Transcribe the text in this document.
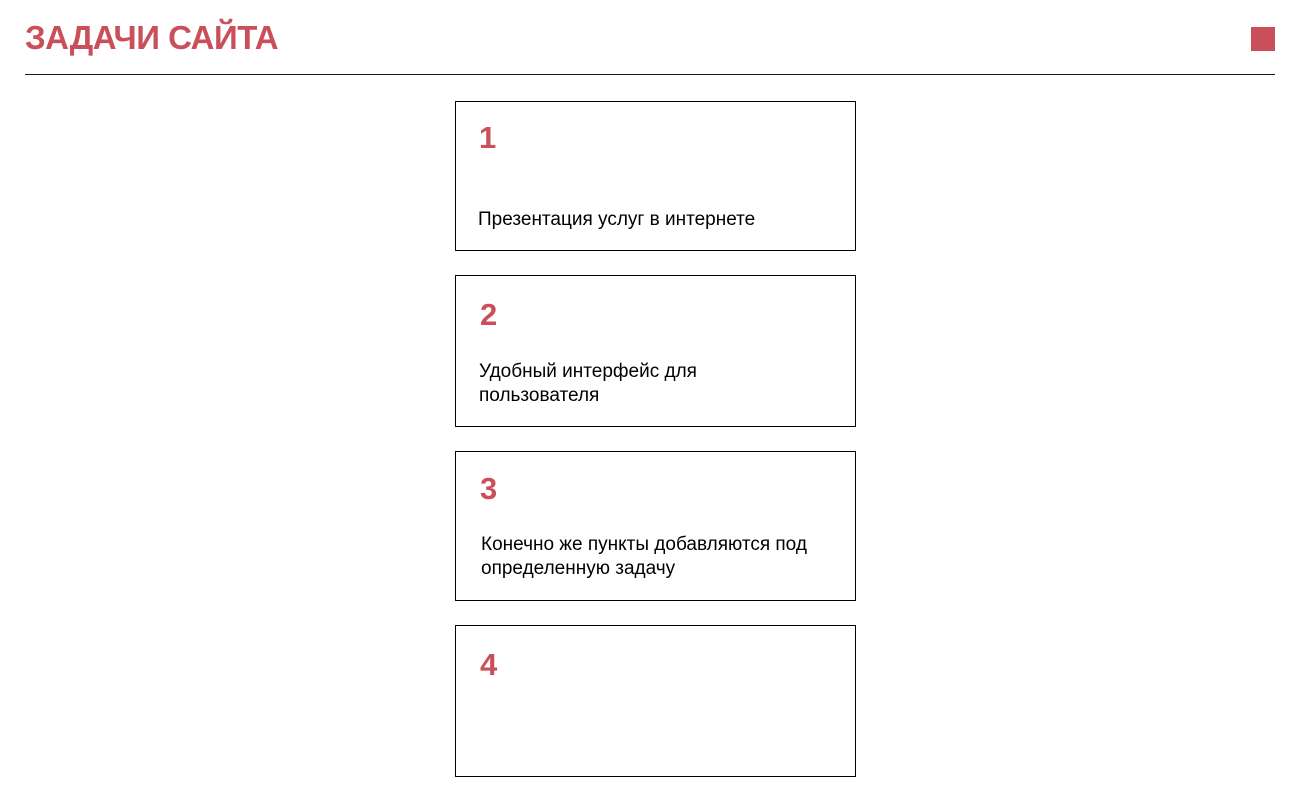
ЗАДАЧИ САЙТА
1
Презентация услуг в интернете
2
Удобный интерфейс для пользователя
3
Конечно же пункты добавляются под определенную задачу
4
